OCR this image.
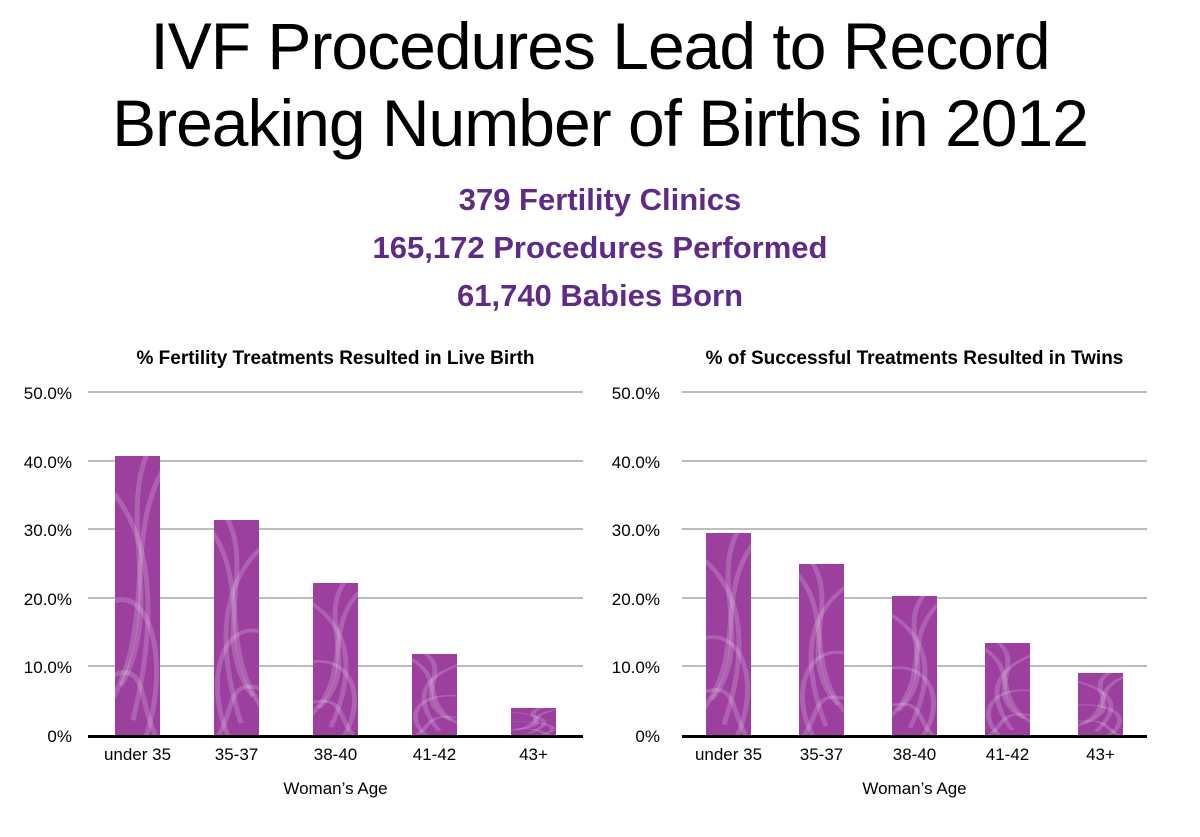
IVF Procedures Lead to Record
Breaking Number of Births in 2012
379 Fertility Clinics
165,172 Procedures Performed
61,740 Babies Born
% Fertility Treatments Resulted in Live Birth
0%
10.0%
20.0%
30.0%
40.0%
50.0%
under 35	35-37	38-40	41-42	43+
Woman’s Age
% of Successful Treatments Resulted in Twins
0%
10.0%
20.0%
30.0%
40.0%
50.0%
under 35	35-37	38-40	41-42	43+
Woman’s Age
